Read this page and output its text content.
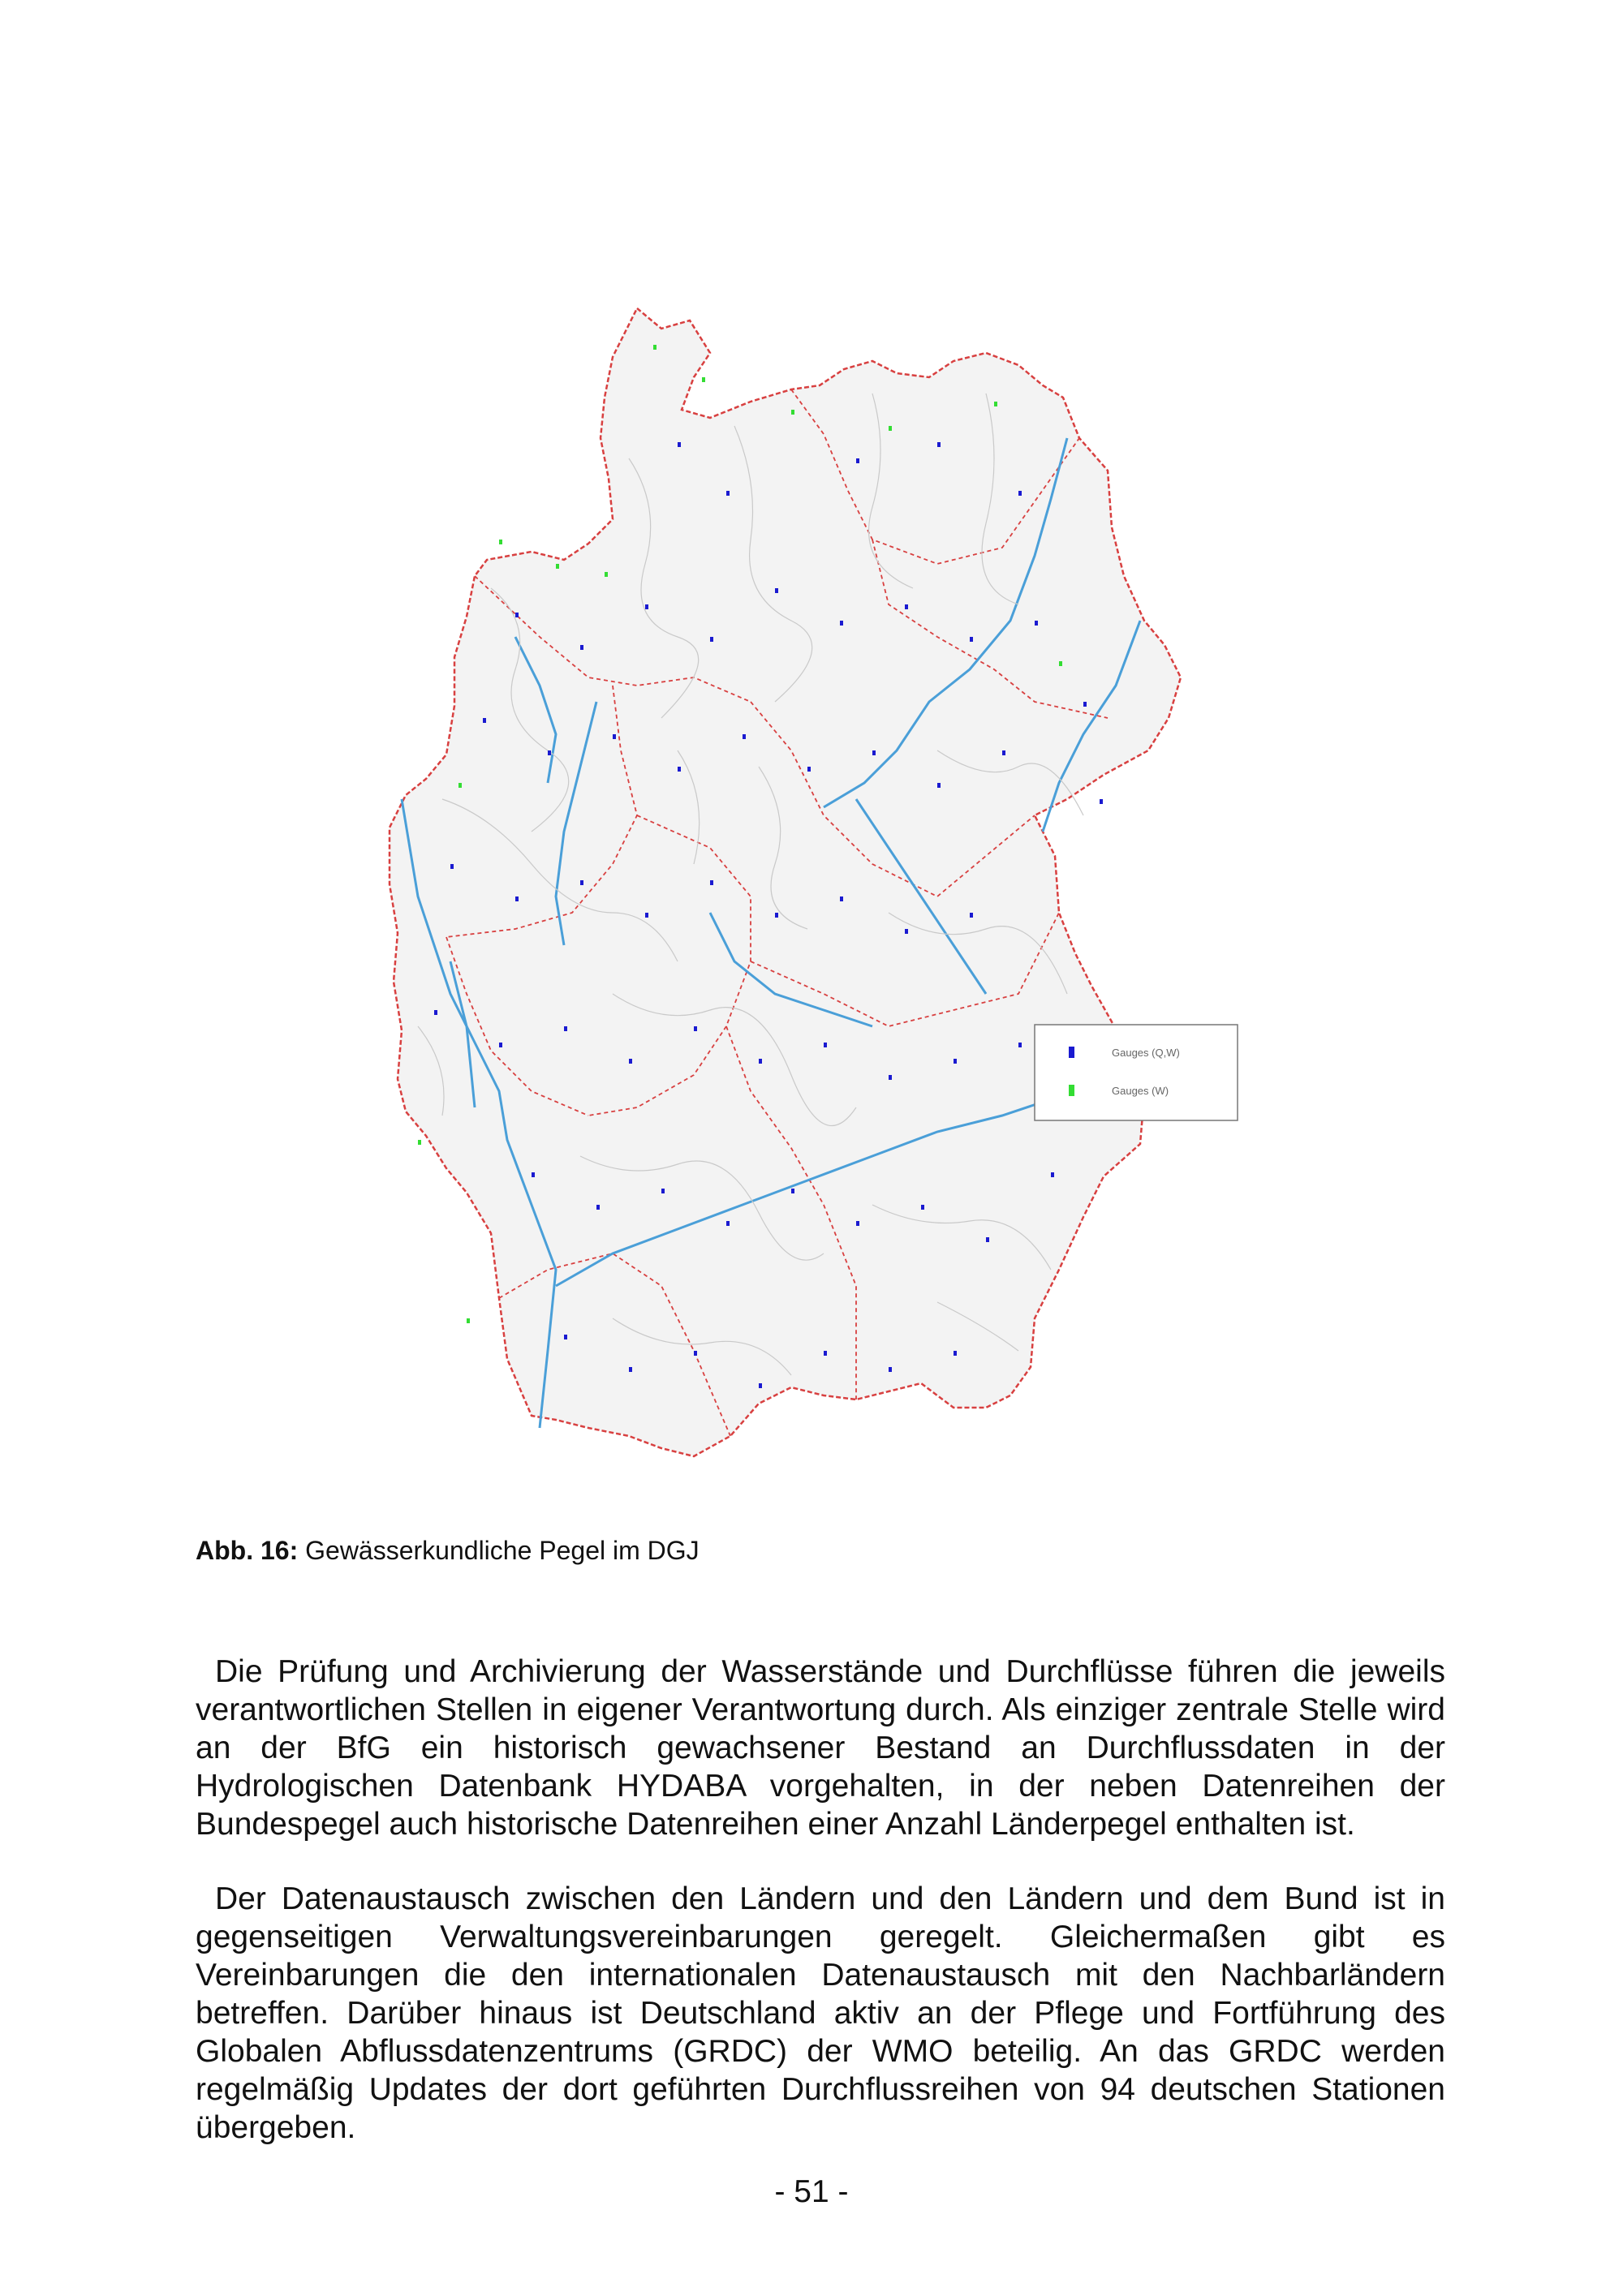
Gauges (Q,W)
Gauges (W)
Abb. 16: Gewässerkundliche Pegel im DGJ

Die Prüfung und Archivierung der Wasserstände und Durchflüsse führen die jeweils verantwortlichen Stellen in eigener Verantwortung durch. Als einziger zentrale Stelle wird an der BfG ein historisch gewachsener Bestand an Durchflussdaten in der Hydrologischen Datenbank HYDABA vorgehalten, in der neben Datenreihen der Bundespegel auch historische Datenreihen einer Anzahl Länderpegel enthalten ist.

Der Datenaustausch zwischen den Ländern und den Ländern und dem Bund ist in gegenseitigen Verwaltungsvereinbarungen geregelt. Gleichermaßen gibt es Vereinbarungen die den internationalen Datenaustausch mit den Nachbarländern betreffen. Darüber hinaus ist Deutschland aktiv an der Pflege und Fortführung des Globalen Abflussdatenzentrums (GRDC) der WMO beteilig. An das GRDC werden regelmäßig Updates der dort geführten Durchflussreihen von 94 deutschen Stationen übergeben.

- 51 -
